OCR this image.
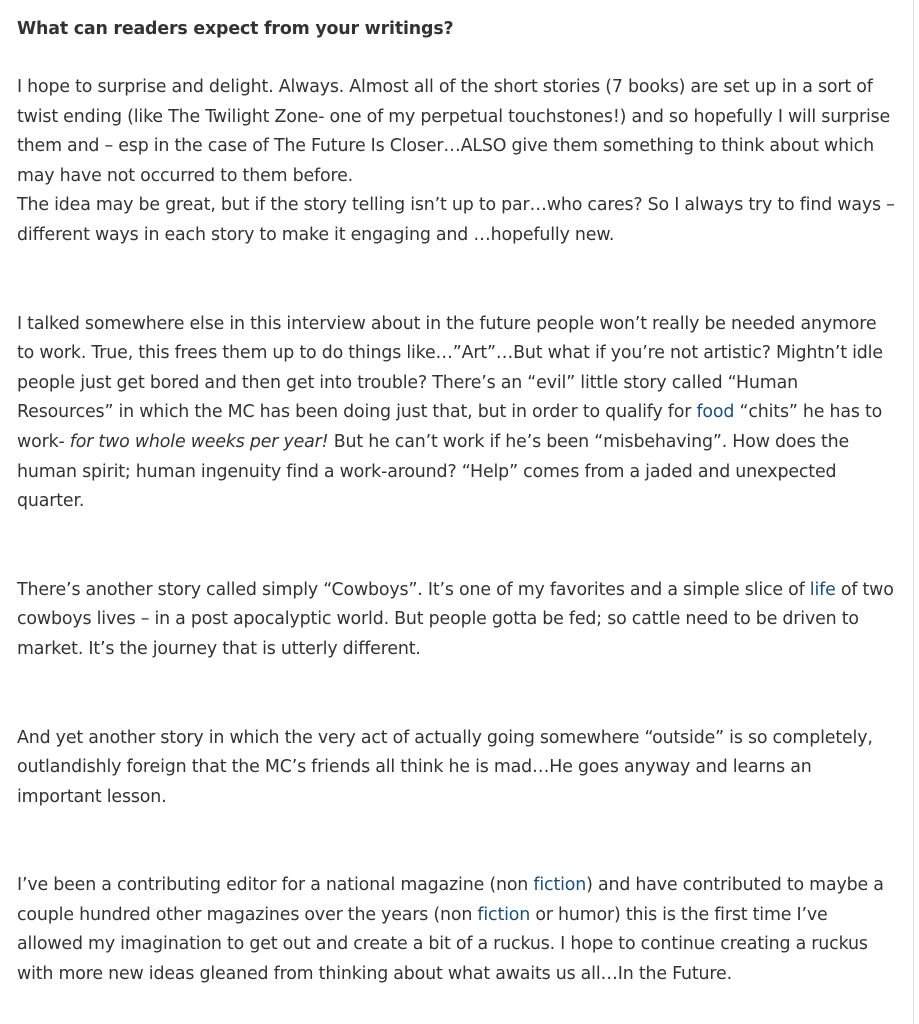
What can readers expect from your writings?

I hope to surprise and delight. Always. Almost all of the short stories (7 books) are set up in a sort of twist ending (like The Twilight Zone- one of my perpetual touchstones!) and so hopefully I will surprise them and – esp in the case of The Future Is Closer…ALSO give them something to think about which may have not occurred to them before.
The idea may be great, but if the story telling isn’t up to par…who cares? So I always try to find ways – different ways in each story to make it engaging and …hopefully new.

I talked somewhere else in this interview about in the future people won’t really be needed anymore to work. True, this frees them up to do things like…”Art”…But what if you’re not artistic? Mightn’t idle people just get bored and then get into trouble? There’s an “evil” little story called “Human Resources” in which the MC has been doing just that, but in order to qualify for food “chits” he has to work- for two whole weeks per year! But he can’t work if he’s been “misbehaving”. How does the human spirit; human ingenuity find a work-around? “Help” comes from a jaded and unexpected quarter.

There’s another story called simply “Cowboys”. It’s one of my favorites and a simple slice of life of two cowboys lives – in a post apocalyptic world. But people gotta be fed; so cattle need to be driven to market. It’s the journey that is utterly different.

And yet another story in which the very act of actually going somewhere “outside” is so completely, outlandishly foreign that the MC’s friends all think he is mad…He goes anyway and learns an important lesson.

I’ve been a contributing editor for a national magazine (non fiction) and have contributed to maybe a couple hundred other magazines over the years (non fiction or humor) this is the first time I’ve allowed my imagination to get out and create a bit of a ruckus. I hope to continue creating a ruckus with more new ideas gleaned from thinking about what awaits us all…In the Future.
